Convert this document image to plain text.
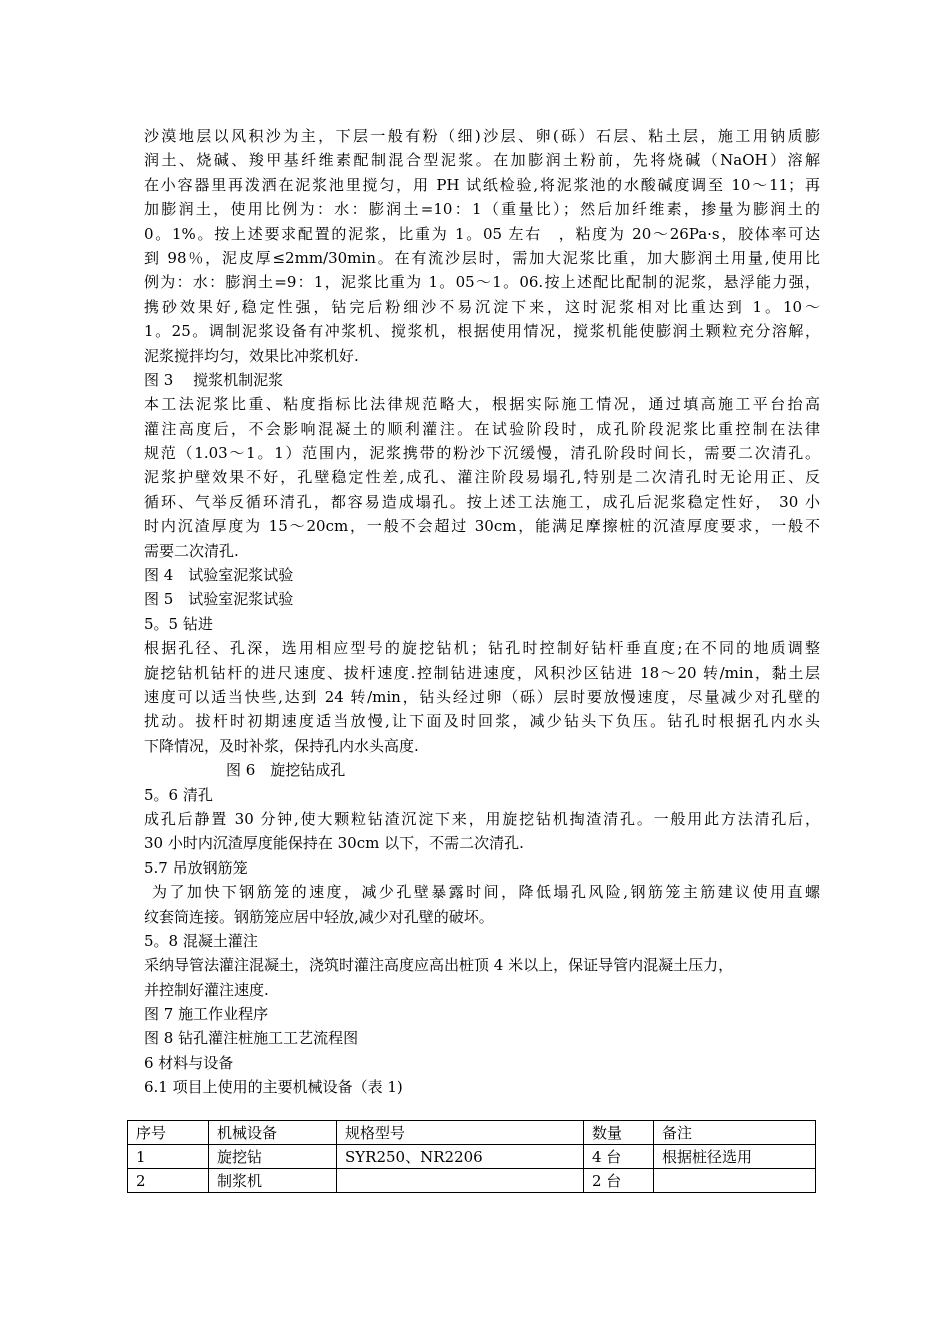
沙漠地层以风积沙为主，下层一般有粉（细)沙层、卵(砾）石层、粘土层，施工用钠质膨
润土、烧碱、羧甲基纤维素配制混合型泥浆。在加膨润土粉前，先将烧碱（NaOH）溶解
在小容器里再泼洒在泥浆池里搅匀，用 PH 试纸检验,将泥浆池的水酸碱度调至 10～11；再
加膨润土，使用比例为：水：膨润土=10：1（重量比）；然后加纤维素，掺量为膨润土的
0。1%。按上述要求配置的泥浆，比重为 1。05 左右　，粘度为 20～26Pa·s，胶体率可达
到 98％，泥皮厚≤2mm/30min。在有流沙层时，需加大泥浆比重，加大膨润土用量,使用比
例为：水：膨润土=9：1，泥浆比重为 1。05～1。06.按上述配比配制的泥浆，悬浮能力强，
携砂效果好,稳定性强，钻完后粉细沙不易沉淀下来，这时泥浆相对比重达到 1。10～
1。25。调制泥浆设备有冲浆机、搅浆机，根据使用情况，搅浆机能使膨润土颗粒充分溶解，
泥浆搅拌均匀，效果比冲浆机好.
图 3　 搅浆机制泥浆
本工法泥浆比重、粘度指标比法律规范略大，根据实际施工情况，通过填高施工平台抬高
灌注高度后，不会影响混凝土的顺利灌注。在试验阶段时，成孔阶段泥浆比重控制在法律
规范（1.03～1。1）范围内，泥浆携带的粉沙下沉缓慢，清孔阶段时间长，需要二次清孔。
泥浆护壁效果不好，孔壁稳定性差,成孔、灌注阶段易塌孔,特别是二次清孔时无论用正、反
循环、气举反循环清孔，都容易造成塌孔。按上述工法施工，成孔后泥浆稳定性好， 30 小
时内沉渣厚度为 15～20cm，一般不会超过 30cm，能满足摩擦桩的沉渣厚度要求，一般不
需要二次清孔.
图 4　试验室泥浆试验
图 5　试验室泥浆试验
5。5 钻进
根据孔径、孔深，选用相应型号的旋挖钻机；钻孔时控制好钻杆垂直度;在不同的地质调整
旋挖钻机钻杆的进尺速度、拔杆速度.控制钻进速度，风积沙区钻进 18～20 转/min，黏土层
速度可以适当快些,达到 24 转/min，钻头经过卵（砾）层时要放慢速度，尽量减少对孔壁的
扰动。拔杆时初期速度适当放慢,让下面及时回浆，减少钻头下负压。钻孔时根据孔内水头
下降情况，及时补浆，保持孔内水头高度.
图 6　旋挖钻成孔
5。6 清孔
成孔后静置 30 分钟,使大颗粒钻渣沉淀下来，用旋挖钻机掏渣清孔。一般用此方法清孔后，
30 小时内沉渣厚度能保持在 30cm 以下，不需二次清孔.
5.7 吊放钢筋笼
为了加快下钢筋笼的速度，减少孔壁暴露时间，降低塌孔风险,钢筋笼主筋建议使用直螺
纹套筒连接。钢筋笼应居中轻放,减少对孔壁的破坏。
5。8 混凝土灌注
采纳导管法灌注混凝土，浇筑时灌注高度应高出桩顶 4 米以上，保证导管内混凝土压力，
并控制好灌注速度.
图 7 施工作业程序
图 8 钻孔灌注桩施工工艺流程图
6 材料与设备
6.1 项目上使用的主要机械设备（表 1)
序号	机械设备	规格型号	数量	备注
1	旋挖钻	SYR250、NR2206	4 台	根据桩径选用
2	制浆机		2 台	
